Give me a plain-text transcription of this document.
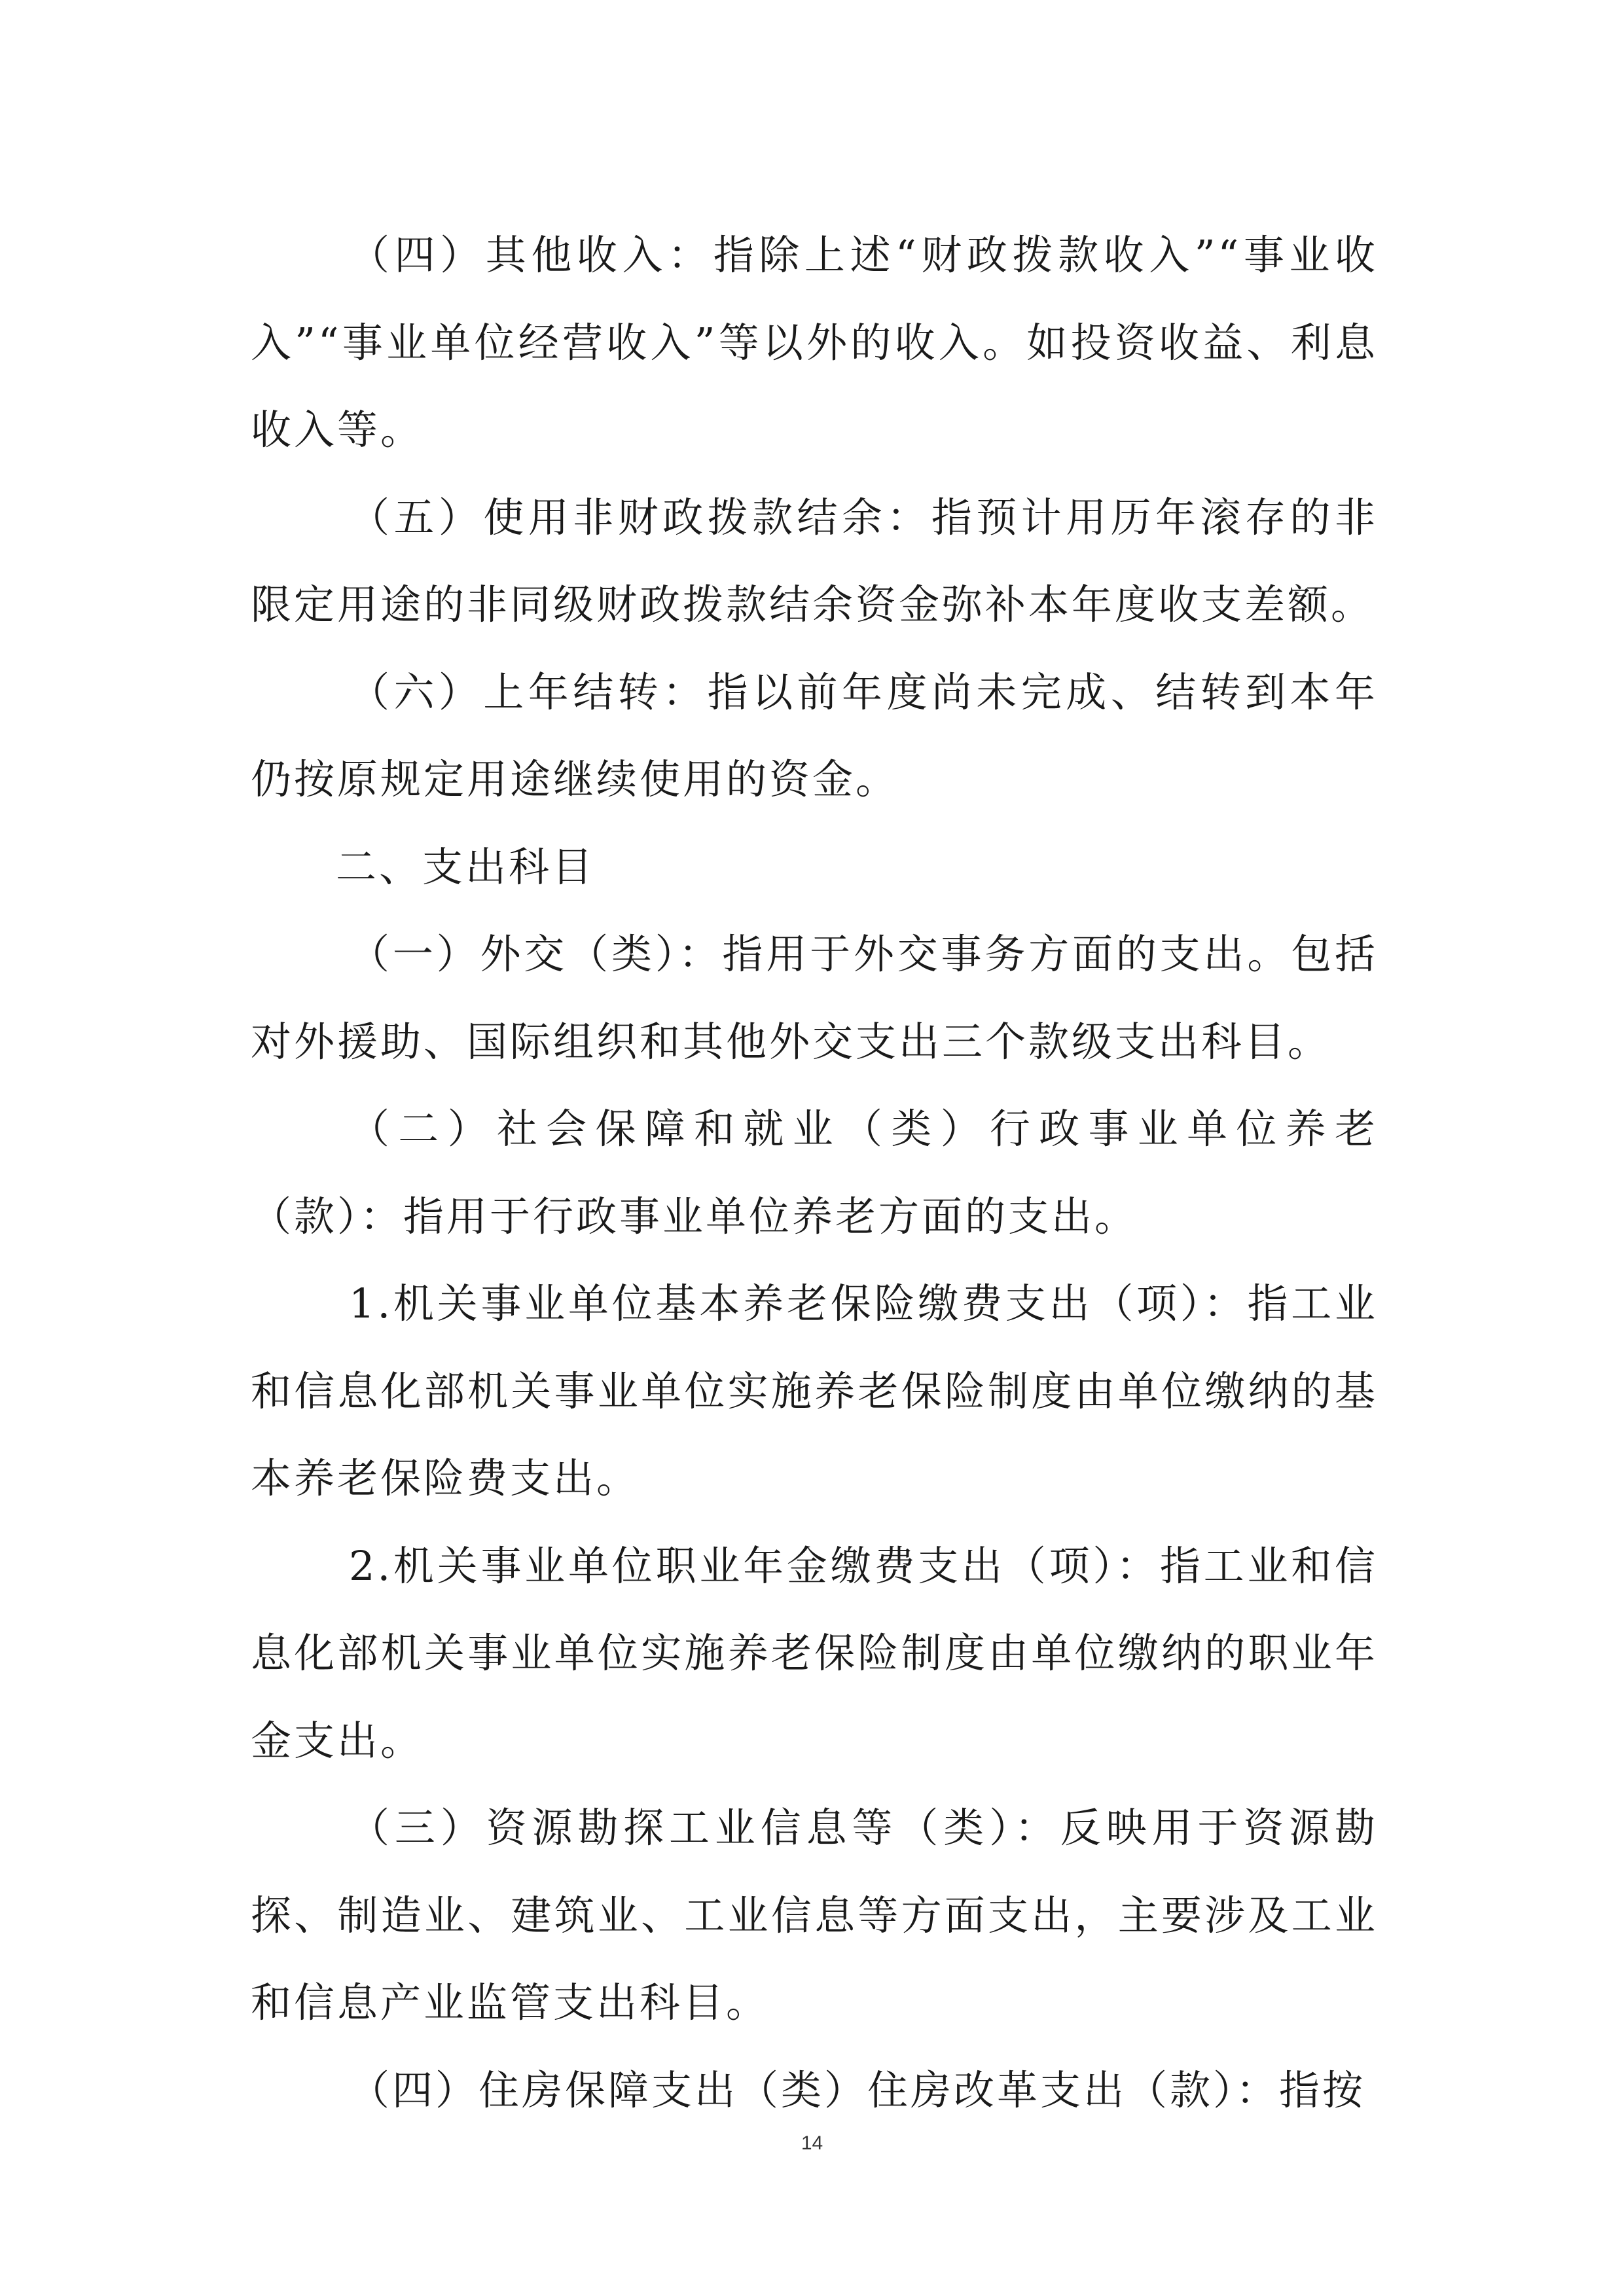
（四）其他收入：指除上述“财政拨款收入”“事业收入”“事业单位经营收入”等以外的收入。如投资收益、利息收入等。

（五）使用非财政拨款结余：指预计用历年滚存的非限定用途的非同级财政拨款结余资金弥补本年度收支差额。

（六）上年结转：指以前年度尚未完成、结转到本年仍按原规定用途继续使用的资金。

二、支出科目

（一）外交（类）：指用于外交事务方面的支出。包括对外援助、国际组织和其他外交支出三个款级支出科目。

（二）社会保障和就业（类）行政事业单位养老（款）：指用于行政事业单位养老方面的支出。

1.机关事业单位基本养老保险缴费支出（项）：指工业和信息化部机关事业单位实施养老保险制度由单位缴纳的基本养老保险费支出。

2.机关事业单位职业年金缴费支出（项）：指工业和信息化部机关事业单位实施养老保险制度由单位缴纳的职业年金支出。

（三）资源勘探工业信息等（类）：反映用于资源勘探、制造业、建筑业、工业信息等方面支出，主要涉及工业和信息产业监管支出科目。

（四）住房保障支出（类）住房改革支出（款）：指按

14
